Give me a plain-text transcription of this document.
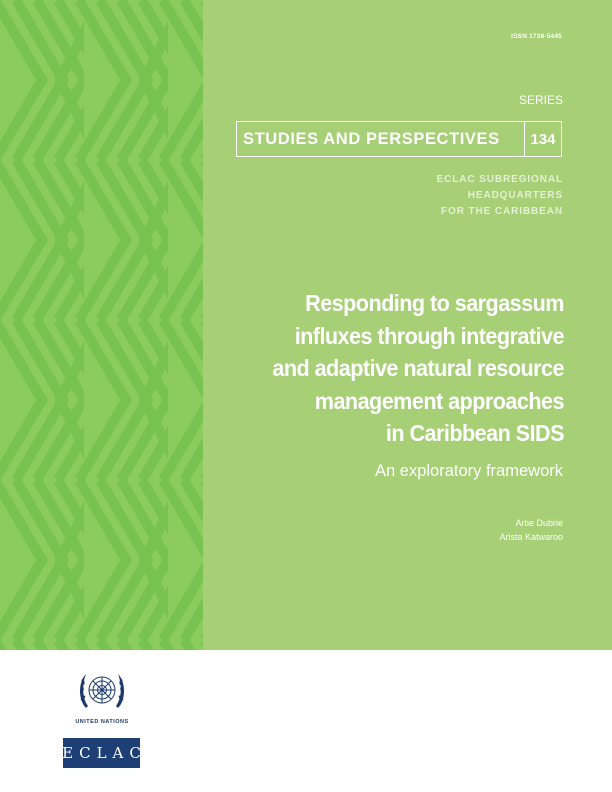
ISSN 1728-5445
SERIES
STUDIES AND PERSPECTIVES	134
ECLAC SUBREGIONAL
HEADQUARTERS
FOR THE CARIBBEAN
Responding to sargassum
influxes through integrative
and adaptive natural resource
management approaches
in Caribbean SIDS
An exploratory framework
Artie Dubrie
Arista Katwaroo
UNITED NATIONS
ECLAC
